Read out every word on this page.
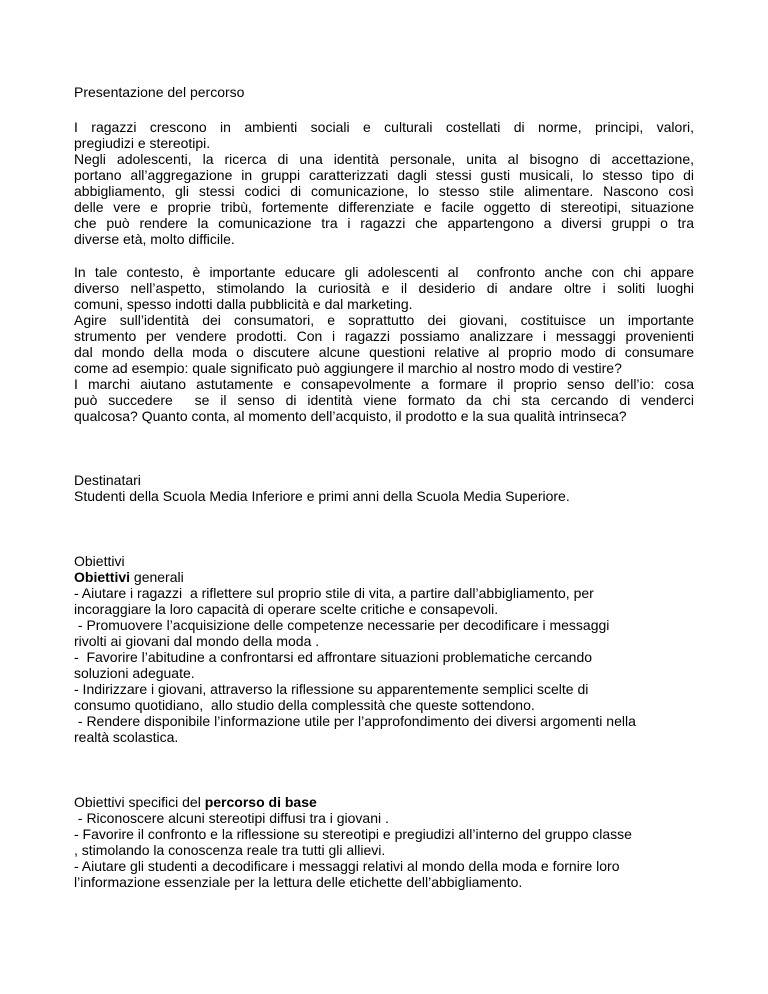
Presentazione del percorso
I ragazzi crescono in ambienti sociali e culturali costellati di norme, principi, valori,
pregiudizi e stereotipi.
Negli adolescenti, la ricerca di una identità personale, unita al bisogno di accettazione,
portano all’aggregazione in gruppi caratterizzati dagli stessi gusti musicali, lo stesso tipo di
abbigliamento, gli stessi codici di comunicazione, lo stesso stile alimentare. Nascono così
delle vere e proprie tribù, fortemente differenziate e facile oggetto di stereotipi, situazione
che può rendere la comunicazione tra i ragazzi che appartengono a diversi gruppi o tra
diverse età, molto difficile.
In tale contesto, è importante educare gli adolescenti al  confronto anche con chi appare
diverso nell’aspetto, stimolando la curiosità e il desiderio di andare oltre i soliti luoghi
comuni, spesso indotti dalla pubblicità e dal marketing.
Agire sull’identità dei consumatori, e soprattutto dei giovani, costituisce un importante
strumento per vendere prodotti. Con i ragazzi possiamo analizzare i messaggi provenienti
dal mondo della moda o discutere alcune questioni relative al proprio modo di consumare
come ad esempio: quale significato può aggiungere il marchio al nostro modo di vestire?
I marchi aiutano astutamente e consapevolmente a formare il proprio senso dell’io: cosa
può succedere  se il senso di identità viene formato da chi sta cercando di venderci
qualcosa? Quanto conta, al momento dell’acquisto, il prodotto e la sua qualità intrinseca?
Destinatari
Studenti della Scuola Media Inferiore e primi anni della Scuola Media Superiore.
Obiettivi
Obiettivi generali
- Aiutare i ragazzi  a riflettere sul proprio stile di vita, a partire dall’abbigliamento, per
incoraggiare la loro capacità di operare scelte critiche e consapevoli.
- Promuovere l’acquisizione delle competenze necessarie per decodificare i messaggi
rivolti ai giovani dal mondo della moda .
-  Favorire l’abitudine a confrontarsi ed affrontare situazioni problematiche cercando
soluzioni adeguate.
- Indirizzare i giovani, attraverso la riflessione su apparentemente semplici scelte di
consumo quotidiano,  allo studio della complessità che queste sottendono.
- Rendere disponibile l’informazione utile per l’approfondimento dei diversi argomenti nella
realtà scolastica.
Obiettivi specifici del percorso di base
- Riconoscere alcuni stereotipi diffusi tra i giovani .
- Favorire il confronto e la riflessione su stereotipi e pregiudizi all’interno del gruppo classe
, stimolando la conoscenza reale tra tutti gli allievi.
- Aiutare gli studenti a decodificare i messaggi relativi al mondo della moda e fornire loro
l’informazione essenziale per la lettura delle etichette dell’abbigliamento.
